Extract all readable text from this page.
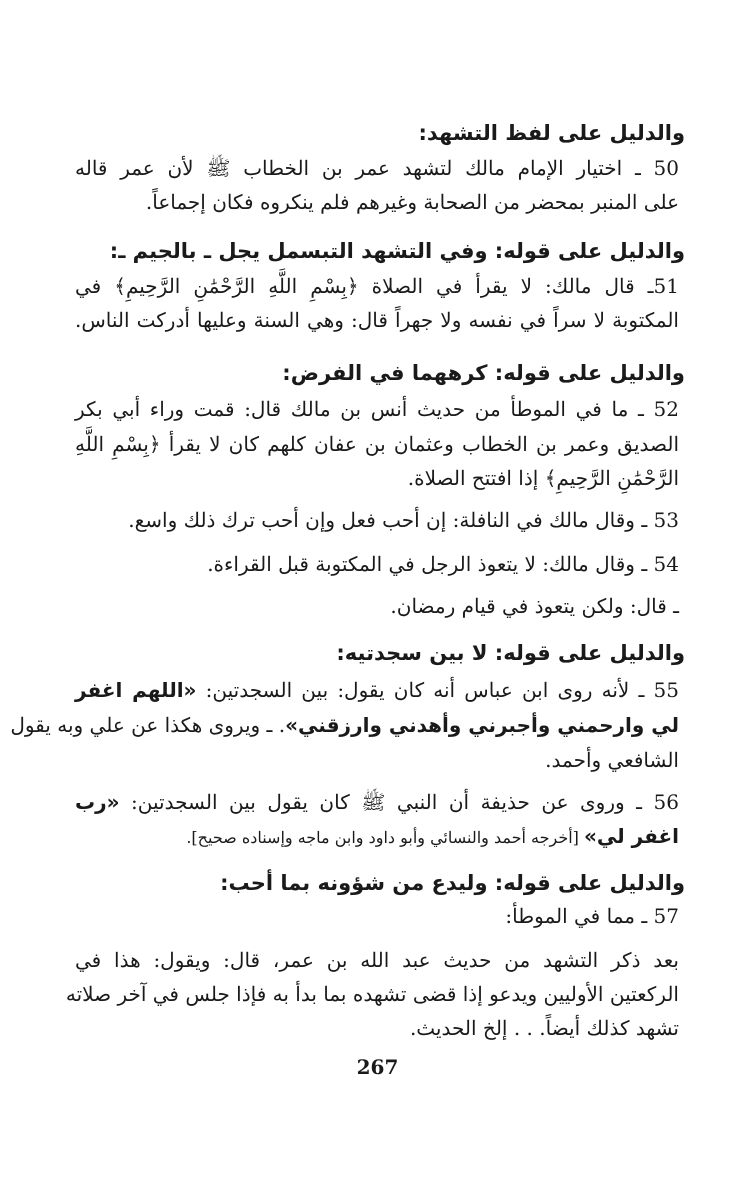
والدليل على لفظ التشهد:
50 ـ اختيار الإمام مالك لتشهد عمر بن الخطاب ﷺ لأن عمر قاله
على المنبر بمحضر من الصحابة وغيرهم فلم ينكروه فكان إجماعاً.
والدليل على قوله: وفي التشهد التبسمل يجل ـ بالجيم ـ:
51ـ قال مالك: لا يقرأ في الصلاة ﴿بِسْمِ اللَّهِ الرَّحْمَٰنِ الرَّحِيمِ﴾ في
المكتوبة لا سراً في نفسه ولا جهراً قال: وهي السنة وعليها أدركت الناس.
والدليل على قوله: كرههما في الفرض:
52 ـ ما في الموطأ من حديث أنس بن مالك قال: قمت وراء أبي بكر
الصديق وعمر بن الخطاب وعثمان بن عفان كلهم كان لا يقرأ ﴿بِسْمِ اللَّهِ
الرَّحْمَٰنِ الرَّحِيمِ﴾ إذا افتتح الصلاة.
53 ـ وقال مالك في النافلة: إن أحب فعل وإن أحب ترك ذلك واسع.
54 ـ وقال مالك: لا يتعوذ الرجل في المكتوبة قبل القراءة.
ـ قال: ولكن يتعوذ في قيام رمضان.
والدليل على قوله: لا بين سجدتيه:
55 ـ لأنه روى ابن عباس أنه كان يقول: بين السجدتين: «اللهم اغفر
لي وارحمني وأجبرني وأهدني وارزقني». ـ ويروى هكذا عن علي وبه يقول
الشافعي وأحمد.
56 ـ وروى عن حذيفة أن النبي ﷺ كان يقول بين السجدتين: «رب
اغفر لي» [أخرجه أحمد والنسائي وأبو داود وابن ماجه وإسناده صحيح].
والدليل على قوله: وليدع من شؤونه بما أحب:
57 ـ مما في الموطأ:
بعد ذكر التشهد من حديث عبد الله بن عمر، قال: ويقول: هذا في
الركعتين الأوليين ويدعو إذا قضى تشهده بما بدأ به فإذا جلس في آخر صلاته
تشهد كذلك أيضاً. . . إلخ الحديث.
267
